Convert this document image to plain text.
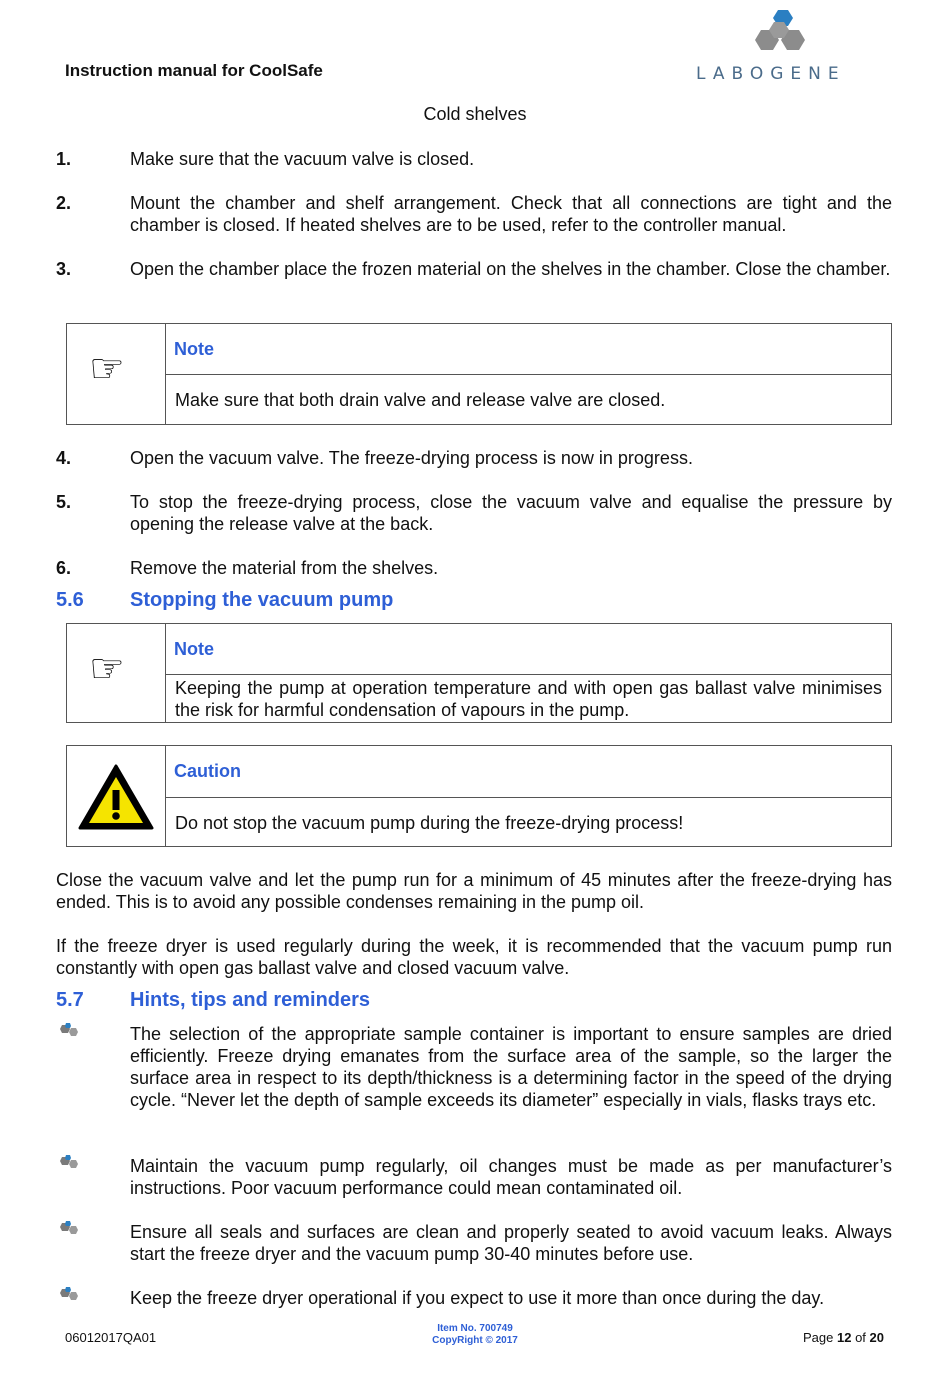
Instruction manual for CoolSafe	LABOGENE
Cold shelves
1.	Make sure that the vacuum valve is closed.
2.	Mount the chamber and shelf arrangement. Check that all connections are tight and the chamber is closed. If heated shelves are to be used, refer to the controller manual.
3.	Open the chamber place the frozen material on the shelves in the chamber. Close the chamber.
☞	Note
Make sure that both drain valve and release valve are closed.
4.	Open the vacuum valve. The freeze-drying process is now in progress.
5.	To stop the freeze-drying process, close the vacuum valve and equalise the pressure by opening the release valve at the back.
6.	Remove the material from the shelves.
5.6 Stopping the vacuum pump
☞	Note
Keeping the pump at operation temperature and with open gas ballast valve minimises the risk for harmful condensation of vapours in the pump.
Caution
Do not stop the vacuum pump during the freeze-drying process!
Close the vacuum valve and let the pump run for a minimum of 45 minutes after the freeze-drying has ended. This is to avoid any possible condenses remaining in the pump oil.
If the freeze dryer is used regularly during the week, it is recommended that the vacuum pump run constantly with open gas ballast valve and closed vacuum valve.
5.7 Hints, tips and reminders
The selection of the appropriate sample container is important to ensure samples are dried efficiently. Freeze drying emanates from the surface area of the sample, so the larger the surface area in respect to its depth/thickness is a determining factor in the speed of the drying cycle. “Never let the depth of sample exceeds its diameter” especially in vials, flasks trays etc.
Maintain the vacuum pump regularly, oil changes must be made as per manufacturer’s instructions. Poor vacuum performance could mean contaminated oil.
Ensure all seals and surfaces are clean and properly seated to avoid vacuum leaks. Always start the freeze dryer and the vacuum pump 30-40 minutes before use.
Keep the freeze dryer operational if you expect to use it more than once during the day.
06012017QA01
Item No. 700749
CopyRight © 2017	Page 12 of 20
